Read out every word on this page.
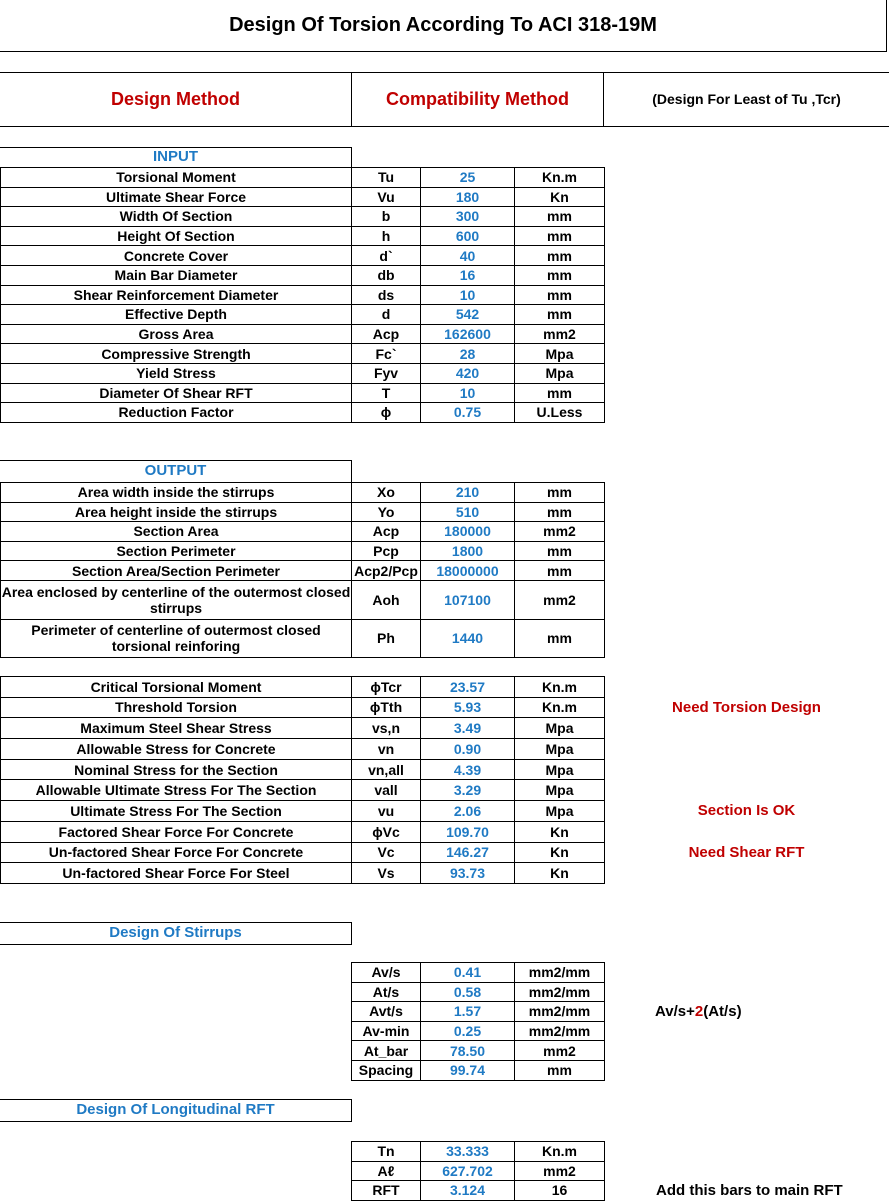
Design Of Torsion According To ACI 318-19M
Design Method	Compatibility Method	(Design For Least of Tu ,Tcr)
INPUT
Torsional Moment	Tu	25	Kn.m
Ultimate Shear Force	Vu	180	Kn
Width Of Section	b	300	mm
Height Of Section	h	600	mm
Concrete Cover	d`	40	mm
Main Bar Diameter	db	16	mm
Shear Reinforcement Diameter	ds	10	mm
Effective Depth	d	542	mm
Gross Area	Acp	162600	mm2
Compressive Strength	Fc`	28	Mpa
Yield Stress	Fyv	420	Mpa
Diameter Of Shear RFT	T	10	mm
Reduction Factor	ϕ	0.75	U.Less
OUTPUT
Area width inside the stirrups	Xo	210	mm
Area height inside the stirrups	Yo	510	mm
Section Area	Acp	180000	mm2
Section Perimeter	Pcp	1800	mm
Section Area/Section Perimeter	Acp2/Pcp	18000000	mm
Area enclosed by centerline of the outermost closed stirrups	Aoh	107100	mm2
Perimeter of centerline of outermost closed torsional reinforing	Ph	1440	mm
Critical Torsional Moment	ϕTcr	23.57	Kn.m
Threshold Torsion	ϕTth	5.93	Kn.m
Maximum Steel Shear Stress	vs,n	3.49	Mpa
Allowable Stress for Concrete	vn	0.90	Mpa
Nominal Stress for the Section	vn,all	4.39	Mpa
Allowable Ultimate Stress For The Section	vall	3.29	Mpa
Ultimate Stress For The Section	vu	2.06	Mpa
Factored Shear Force For Concrete	ϕVc	109.70	Kn
Un-factored Shear Force For Concrete	Vc	146.27	Kn
Un-factored Shear Force For Steel	Vs	93.73	Kn
Need Torsion Design
Section Is OK
Need Shear RFT
Design Of Stirrups
Av/s	0.41	mm2/mm
At/s	0.58	mm2/mm
Avt/s	1.57	mm2/mm
Av-min	0.25	mm2/mm
At_bar	78.50	mm2
Spacing	99.74	mm
Av/s+2(At/s)
Design Of Longitudinal RFT
Tn	33.333	Kn.m
Aℓ	627.702	mm2
RFT	3.124	16	Add this bars to main RFT
